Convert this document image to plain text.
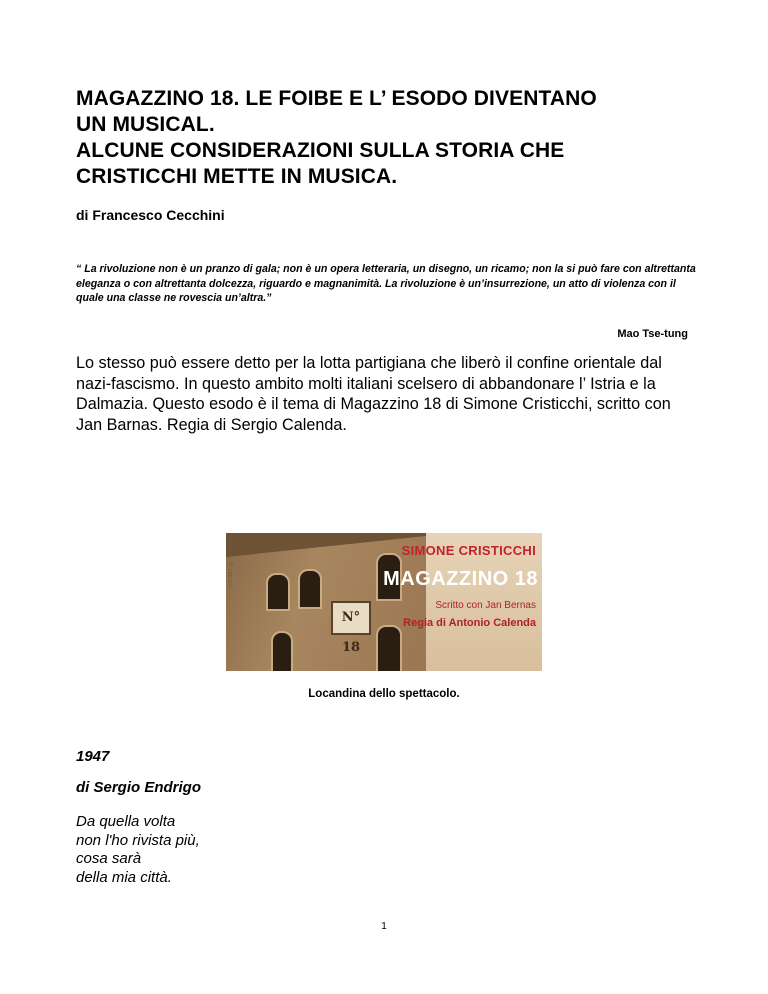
MAGAZZINO 18. LE FOIBE E L’ ESODO DIVENTANO
UN MUSICAL.
ALCUNE CONSIDERAZIONI SULLA STORIA CHE
CRISTICCHI METTE IN MUSICA.

di Francesco Cecchini

“ La rivoluzione non è un pranzo di gala; non è un opera letteraria, un disegno, un ricamo; non la si può fare con altrettanta eleganza o con altrettanta dolcezza, riguardo e magnanimità. La rivoluzione è un’insurrezione, un atto di violenza con il quale una classe ne rovescia un’altra.”

Mao Tse-tung

Lo stesso può essere detto per la lotta partigiana che liberò il confine orientale dal nazi-fascismo. In questo ambito molti italiani scelsero di abbandonare l’ Istria e la Dalmazia. Questo esodo è il tema di Magazzino 18 di Simone Cristicchi, scritto con Jan Barnas. Regia di Sergio Calenda.

N° 18
Ph:MT © 2013	SIMONE CRISTICCHI
MAGAZZINO 18
Scritto con Jan Bernas
Regia di Antonio Calenda

Locandina dello spettacolo.

1947

di Sergio Endrigo

Da quella volta
non l'ho rivista più,
cosa sarà
della mia città.

1
